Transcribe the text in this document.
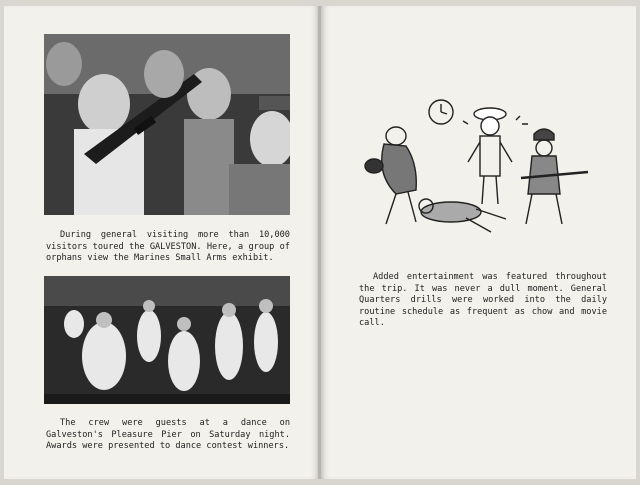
During general visiting more than 10,000 visitors toured the GALVESTON. Here, a group of orphans view the Marines Small Arms exhibit.
The crew were guests at a dance on Galveston's Pleasure Pier on Saturday night. Awards were presented to dance contest winners.
Added entertainment was featured throughout the trip. It was never a dull moment. General Quarters drills were worked into the daily routine schedule as frequent as chow and movie call.
